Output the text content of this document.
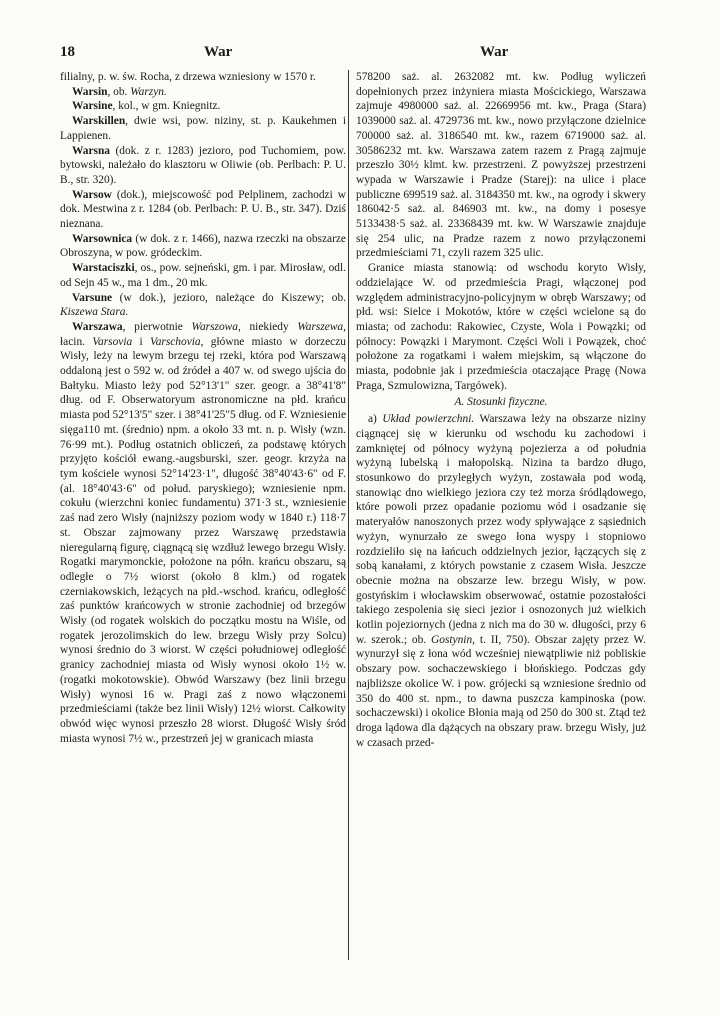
18	War	War

filialny, p. w. św. Rocha, z drzewa wzniesiony w 1570 r.

Warsin, ob. Warzyn.

Warsine, kol., w gm. Kniegnitz.

Warskillen, dwie wsi, pow. niziny, st. p. Kaukehmen i Lappienen.

Warsna (dok. z r. 1283) jezioro, pod Tuchomiem, pow. bytowski, należało do klasztoru w Oliwie (ob. Perlbach: P. U. B., str. 320).

Warsow (dok.), miejscowość pod Pelplinem, zachodzi w dok. Mestwina z r. 1284 (ob. Perlbach: P. U. B., str. 347). Dziś nieznana.

Warsownica (w dok. z r. 1466), nazwa rzeczki na obszarze Obroszyna, w pow. gródeckim.

Warstaciszki, os., pow. sejneński, gm. i par. Mirosław, odl. od Sejn 45 w., ma 1 dm., 20 mk.

Varsune (w dok.), jezioro, należące do Kiszewy; ob. Kiszewa Stara.

Warszawa, pierwotnie Warszowa, niekiedy Warszewa, łacin. Varsovia i Varschovia, główne miasto w dorzeczu Wisły, leży na lewym brzegu tej rzeki, która pod Warszawą oddaloną jest o 592 w. od źródeł a 407 w. od swego ujścia do Bałtyku. Miasto leży pod 52°13'1" szer. geogr. a 38°41'8" dług. od F. Obserwatoryum astronomiczne na płd. krańcu miasta pod 52°13'5" szer. i 38°41'25"5 dług. od F. Wzniesienie sięga110 mt. (średnio) npm. a około 33 mt. n. p. Wisły (wzn. 76·99 mt.). Podług ostatnich obliczeń, za podstawę których przyjęto kościół ewang.-augsburski, szer. geogr. krzyża na tym kościele wynosi 52°14'23·1", długość 38°40'43·6" od F. (al. 18°40'43·6" od połud. paryskiego); wzniesienie npm. cokułu (wierzchni koniec fundamentu) 371·3 st., wzniesienie zaś nad zero Wisły (najniższy poziom wody w 1840 r.) 118·7 st. Obszar zajmowany przez Warszawę przedstawia nieregularną figurę, ciągnącą się wzdłuż lewego brzegu Wisły. Rogatki marymonckie, położone na półn. krańcu obszaru, są odległe o 7½ wiorst (około 8 klm.) od rogatek czerniakowskich, leżących na płd.-wschod. krańcu, odległość zaś punktów krańcowych w stronie zachodniej od brzegów Wisły (od rogatek wolskich do początku mostu na Wiśle, od rogatek jerozolimskich do lew. brzegu Wisły przy Solcu) wynosi średnio do 3 wiorst. W części południowej odległość granicy zachodniej miasta od Wisły wynosi około 1½ w. (rogatki mokotowskie). Obwód Warszawy (bez linii brzegu Wisły) wynosi 16 w. Pragi zaś z nowo włączonemi przedmieściami (także bez linii Wisły) 12½ wiorst. Całkowity obwód więc wynosi przeszło 28 wiorst. Długość Wisły śród miasta wynosi 7½ w., przestrzeń jej w granicach miasta

578200 saż. al. 2632082 mt. kw. Podług wyliczeń dopełnionych przez inżyniera miasta Mościckiego, Warszawa zajmuje 4980000 saż. al. 22669956 mt. kw., Praga (Stara) 1039000 saż. al. 4729736 mt. kw., nowo przyłączone dzielnice 700000 saż. al. 3186540 mt. kw., razem 6719000 saż. al. 30586232 mt. kw. Warszawa zatem razem z Pragą zajmuje przeszło 30½ klmt. kw. przestrzeni. Z powyższej przestrzeni wypada w Warszawie i Pradze (Starej): na ulice i place publiczne 699519 saż. al. 3184350 mt. kw., na ogrody i skwery 186042·5 saż. al. 846903 mt. kw., na domy i posesye 5133438·5 saż. al. 23368439 mt. kw. W Warszawie znajduje się 254 ulic, na Pradze razem z nowo przyłączonemi przedmieściami 71, czyli razem 325 ulic.

Granice miasta stanowią: od wschodu koryto Wisły, oddzielające W. od przedmieścia Pragi, włączonej pod względem administracyjno-policyjnym w obręb Warszawy; od płd. wsi: Sielce i Mokotów, które w części wcielone są do miasta; od zachodu: Rakowiec, Czyste, Wola i Powązki; od północy: Powązki i Marymont. Części Woli i Powązek, choć położone za rogatkami i wałem miejskim, są włączone do miasta, podobnie jak i przedmieścia otaczające Pragę (Nowa Praga, Szmulowizna, Targówek).

A. Stosunki fizyczne.

a) Układ powierzchni. Warszawa leży na obszarze niziny ciągnącej się w kierunku od wschodu ku zachodowi i zamkniętej od północy wyżyną pojezierza a od południa wyżyną lubelską i małopolską. Nizina ta bardzo długo, stosunkowo do przyległych wyżyn, zostawała pod wodą, stanowiąc dno wielkiego jeziora czy też morza śródlądowego, które powoli przez opadanie poziomu wód i osadzanie się materyałów nanoszonych przez wody spływające z sąsiednich wyżyn, wynurzało ze swego łona wyspy i stopniowo rozdzieliło się na łańcuch oddzielnych jezior, łączących się z sobą kanałami, z których powstanie z czasem Wisła. Jeszcze obecnie można na obszarze lew. brzegu Wisły, w pow. gostyńskim i włocławskim obserwować, ostatnie pozostałości takiego zespolenia się sieci jezior i osnozonych już wielkich kotlin pojeziornych (jedna z nich ma do 30 w. długości, przy 6 w. szerok.; ob. Gostynin, t. II, 750). Obszar zajęty przez W. wynurzył się z łona wód wcześniej niewątpliwie niż pobliskie obszary pow. sochaczewskiego i błońskiego. Podczas gdy najbliższe okolice W. i pow. grójecki są wzniesione średnio od 350 do 400 st. npm., to dawna puszcza kampinoska (pow. sochaczewski) i okolice Błonia mają od 250 do 300 st. Ztąd też droga lądowa dla dążących na obszary praw. brzegu Wisły, już w czasach przed-
